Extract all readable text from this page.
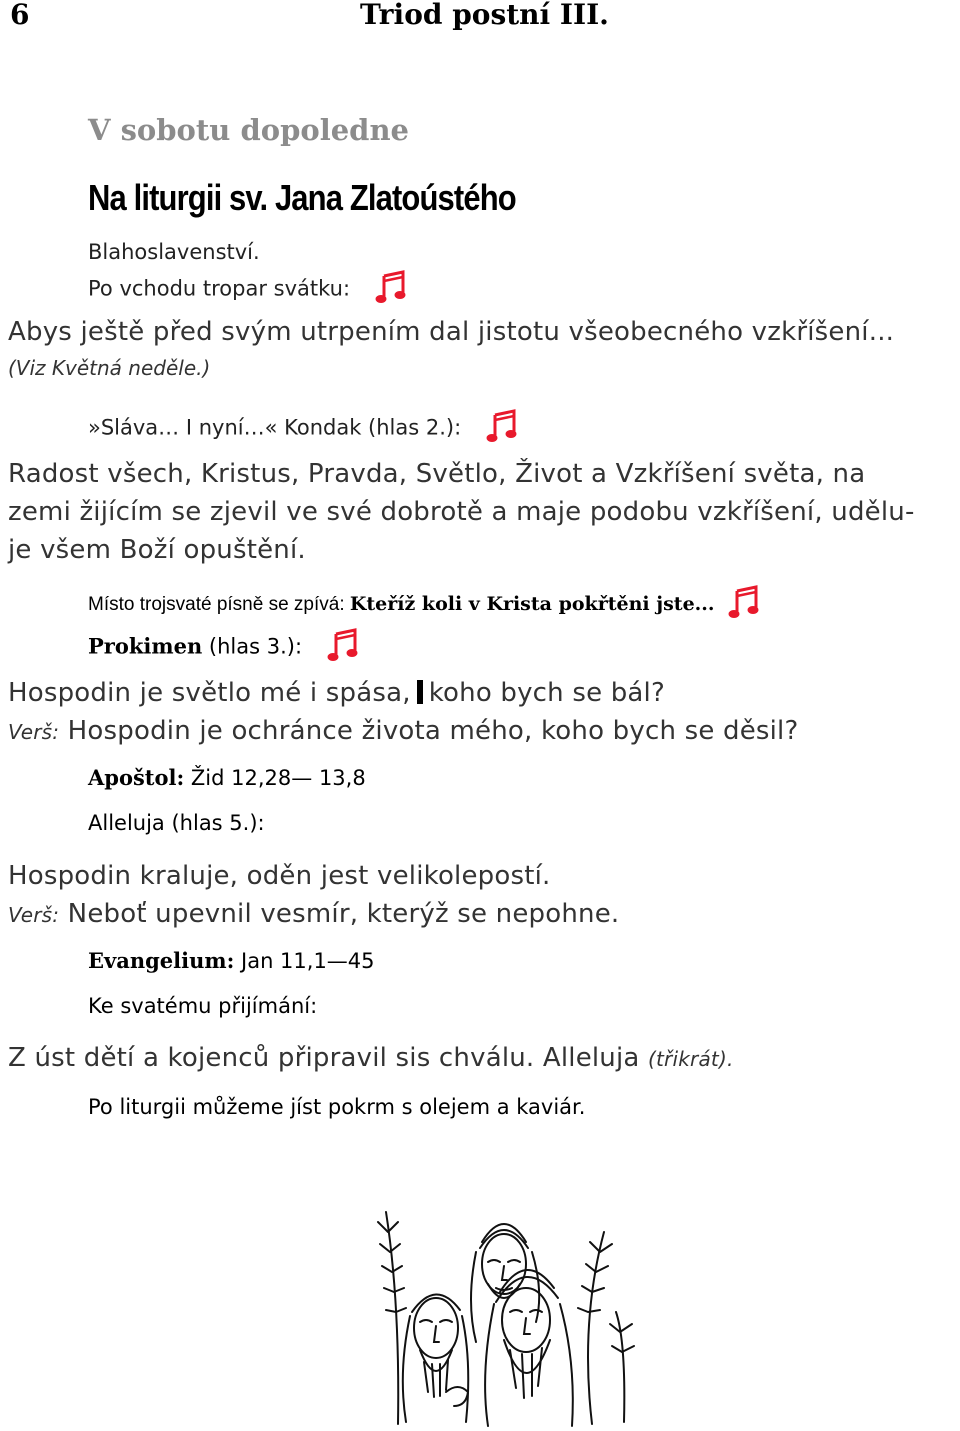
6	Triod postní III.
V sobotu dopoledne
Na liturgii sv. Jana Zlatoústého
Blahoslavenství.
Po vchodu tropar svátku:
Abys ještě před svým utrpením dal jistotu všeobecného vzkříšení...
(Viz Květná neděle.)
»Sláva… I nyní…« Kondak (hlas 2.):
Radost všech, Kristus, Pravda, Světlo, Život a Vzkříšení světa, na
zemi žijícím se zjevil ve své dobrotě a maje podobu vzkříšení, udělu-
je všem Boží opuštění.
Místo trojsvaté písně se zpívá: Kteříž koli v Krista pokřtěni jste...
Prokimen (hlas 3.):
Hospodin je světlo mé i spása, koho bych se bál?
Verš: Hospodin je ochránce života mého, koho bych se děsil?
Apoštol: Žid 12,28— 13,8
Alleluja (hlas 5.):
Hospodin kraluje, oděn jest velikolepostí.
Verš: Neboť upevnil vesmír, kterýž se nepohne.
Evangelium: Jan 11,1—45
Ke svatému přijímání:
Z úst dětí a kojenců připravil sis chválu. Alleluja (třikrát).
Po liturgii můžeme jíst pokrm s olejem a kaviár.
